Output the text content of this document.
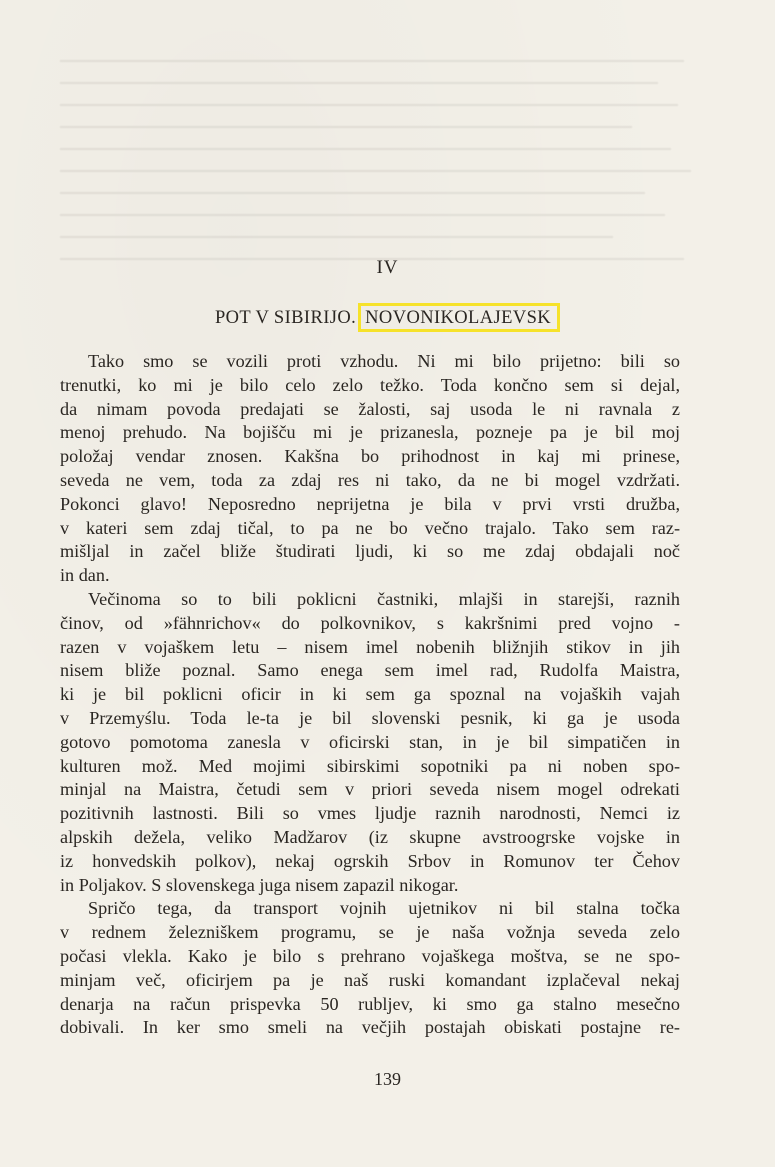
IV
POT V SIBIRIJO. NOVONIKOLAJEVSK

Tako smo se vozili proti vzhodu. Ni mi bilo prijetno: bili so
trenutki, ko mi je bilo celo zelo težko. Toda končno sem si dejal,
da nimam povoda predajati se žalosti, saj usoda le ni ravnala z
menoj prehudo. Na bojišču mi je prizanesla, pozneje pa je bil moj
položaj vendar znosen. Kakšna bo prihodnost in kaj mi prinese,
seveda ne vem, toda za zdaj res ni tako, da ne bi mogel vzdržati.
Pokonci glavo! Neposredno neprijetna je bila v prvi vrsti družba,
v kateri sem zdaj tičal, to pa ne bo večno trajalo. Tako sem raz-
mišljal in začel bliže študirati ljudi, ki so me zdaj obdajali noč
in dan.

Večinoma so to bili poklicni častniki, mlajši in starejši, raznih
činov, od »fähnrichov« do polkovnikov, s kakršnimi pred vojno -
razen v vojaškem letu – nisem imel nobenih bližnjih stikov in jih
nisem bliže poznal. Samo enega sem imel rad, Rudolfa Maistra,
ki je bil poklicni oficir in ki sem ga spoznal na vojaških vajah
v Przemyślu. Toda le-ta je bil slovenski pesnik, ki ga je usoda
gotovo pomotoma zanesla v oficirski stan, in je bil simpatičen in
kulturen mož. Med mojimi sibirskimi sopotniki pa ni noben spo-
minjal na Maistra, četudi sem v priori seveda nisem mogel odrekati
pozitivnih lastnosti. Bili so vmes ljudje raznih narodnosti, Nemci iz
alpskih dežela, veliko Madžarov (iz skupne avstroogrske vojske in
iz honvedskih polkov), nekaj ogrskih Srbov in Romunov ter Čehov
in Poljakov. S slovenskega juga nisem zapazil nikogar.

Spričo tega, da transport vojnih ujetnikov ni bil stalna točka
v rednem železniškem programu, se je naša vožnja seveda zelo
počasi vlekla. Kako je bilo s prehrano vojaškega moštva, se ne spo-
minjam več, oficirjem pa je naš ruski komandant izplačeval nekaj
denarja na račun prispevka 50 rubljev, ki smo ga stalno mesečno
dobivali. In ker smo smeli na večjih postajah obiskati postajne re-

139
